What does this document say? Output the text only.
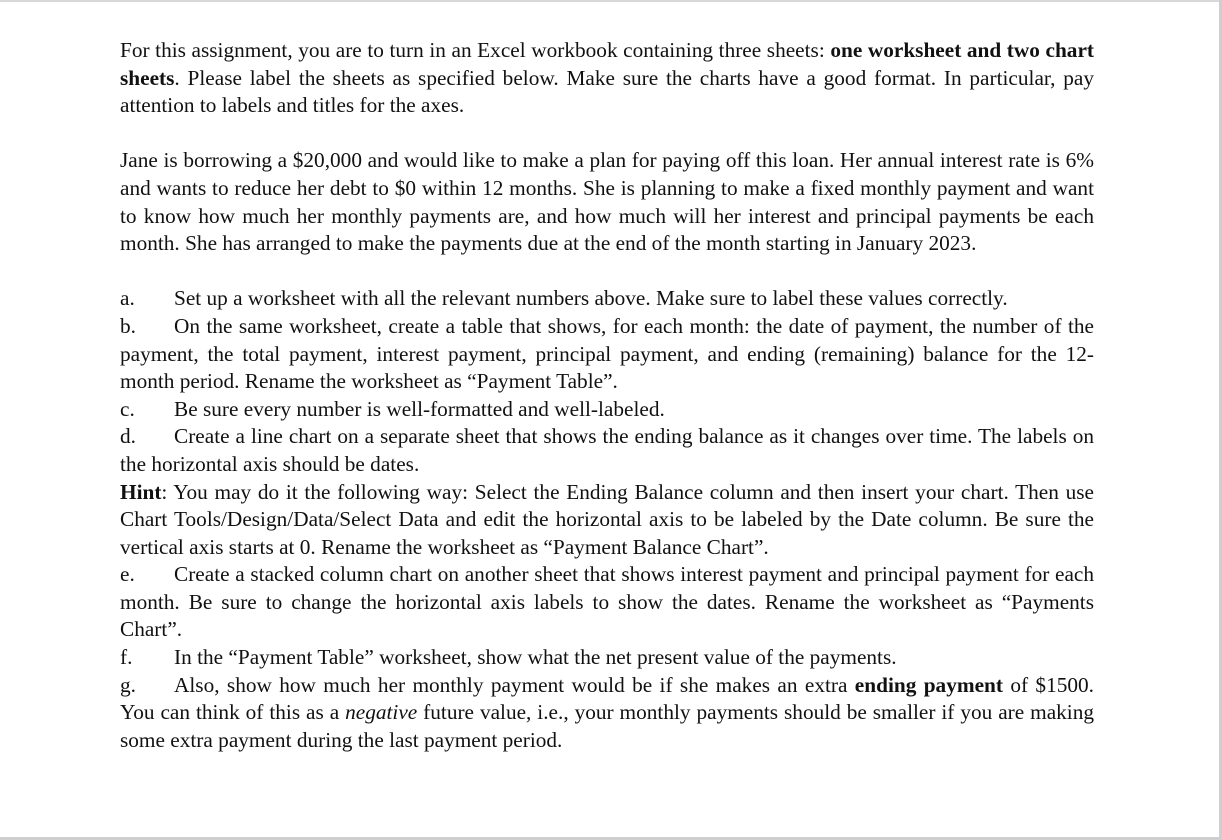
For this assignment, you are to turn in an Excel workbook containing three sheets: one worksheet and two chart sheets. Please label the sheets as specified below. Make sure the charts have a good format. In particular, pay attention to labels and titles for the axes.

Jane is borrowing a $20,000 and would like to make a plan for paying off this loan. Her annual interest rate is 6% and wants to reduce her debt to $0 within 12 months. She is planning to make a fixed monthly payment and want to know how much her monthly payments are, and how much will her interest and principal payments be each month. She has arranged to make the payments due at the end of the month starting in January 2023.

a. Set up a worksheet with all the relevant numbers above. Make sure to label these values correctly.

b. On the same worksheet, create a table that shows, for each month: the date of payment, the number of the payment, the total payment, interest payment, principal payment, and ending (remaining) balance for the 12-month period. Rename the worksheet as “Payment Table”.

c. Be sure every number is well-formatted and well-labeled.

d. Create a line chart on a separate sheet that shows the ending balance as it changes over time. The labels on the horizontal axis should be dates.

Hint: You may do it the following way: Select the Ending Balance column and then insert your chart. Then use Chart Tools/Design/Data/Select Data and edit the horizontal axis to be labeled by the Date column. Be sure the vertical axis starts at 0. Rename the worksheet as “Payment Balance Chart”.

e. Create a stacked column chart on another sheet that shows interest payment and principal payment for each month. Be sure to change the horizontal axis labels to show the dates. Rename the worksheet as “Payments Chart”.

f. In the “Payment Table” worksheet, show what the net present value of the payments.

g. Also, show how much her monthly payment would be if she makes an extra ending payment of $1500. You can think of this as a negative future value, i.e., your monthly payments should be smaller if you are making some extra payment during the last payment period.
